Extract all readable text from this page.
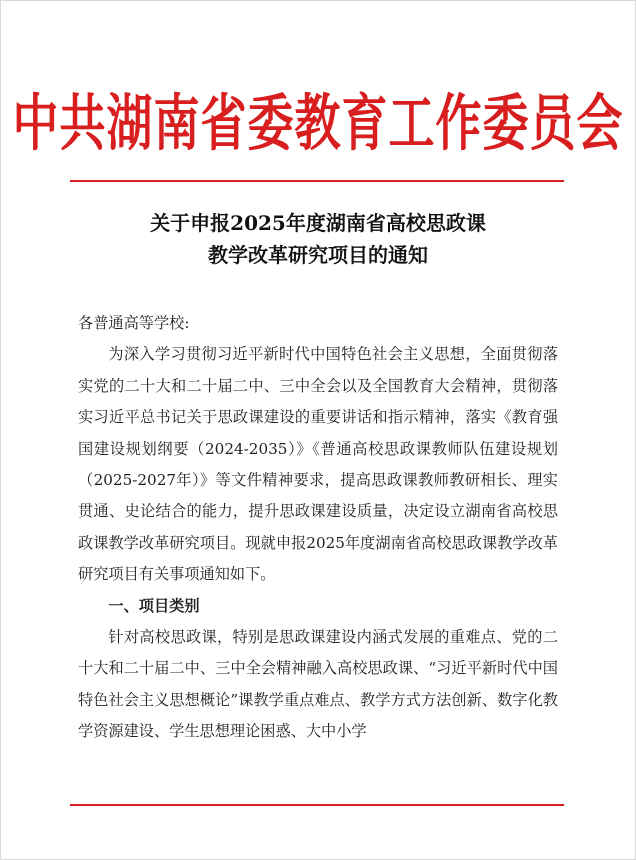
中共湖南省委教育工作委员会
关于申报2025年度湖南省高校思政课
教学改革研究项目的通知

各普通高等学校:

为深入学习贯彻习近平新时代中国特色社会主义思想，全面贯彻落实党的二十大和二十届二中、三中全会以及全国教育大会精神，贯彻落实习近平总书记关于思政课建设的重要讲话和指示精神，落实《教育强国建设规划纲要（2024-2035）》《普通高校思政课教师队伍建设规划（2025-2027年）》等文件精神要求，提高思政课教师教研相长、理实贯通、史论结合的能力，提升思政课建设质量，决定设立湖南省高校思政课教学改革研究项目。现就申报2025年度湖南省高校思政课教学改革研究项目有关事项通知如下。

一、项目类别

针对高校思政课，特别是思政课建设内涵式发展的重难点、党的二十大和二十届二中、三中全会精神融入高校思政课、“习近平新时代中国特色社会主义思想概论”课教学重点难点、教学方式方法创新、数字化教学资源建设、学生思想理论困惑、大中小学
